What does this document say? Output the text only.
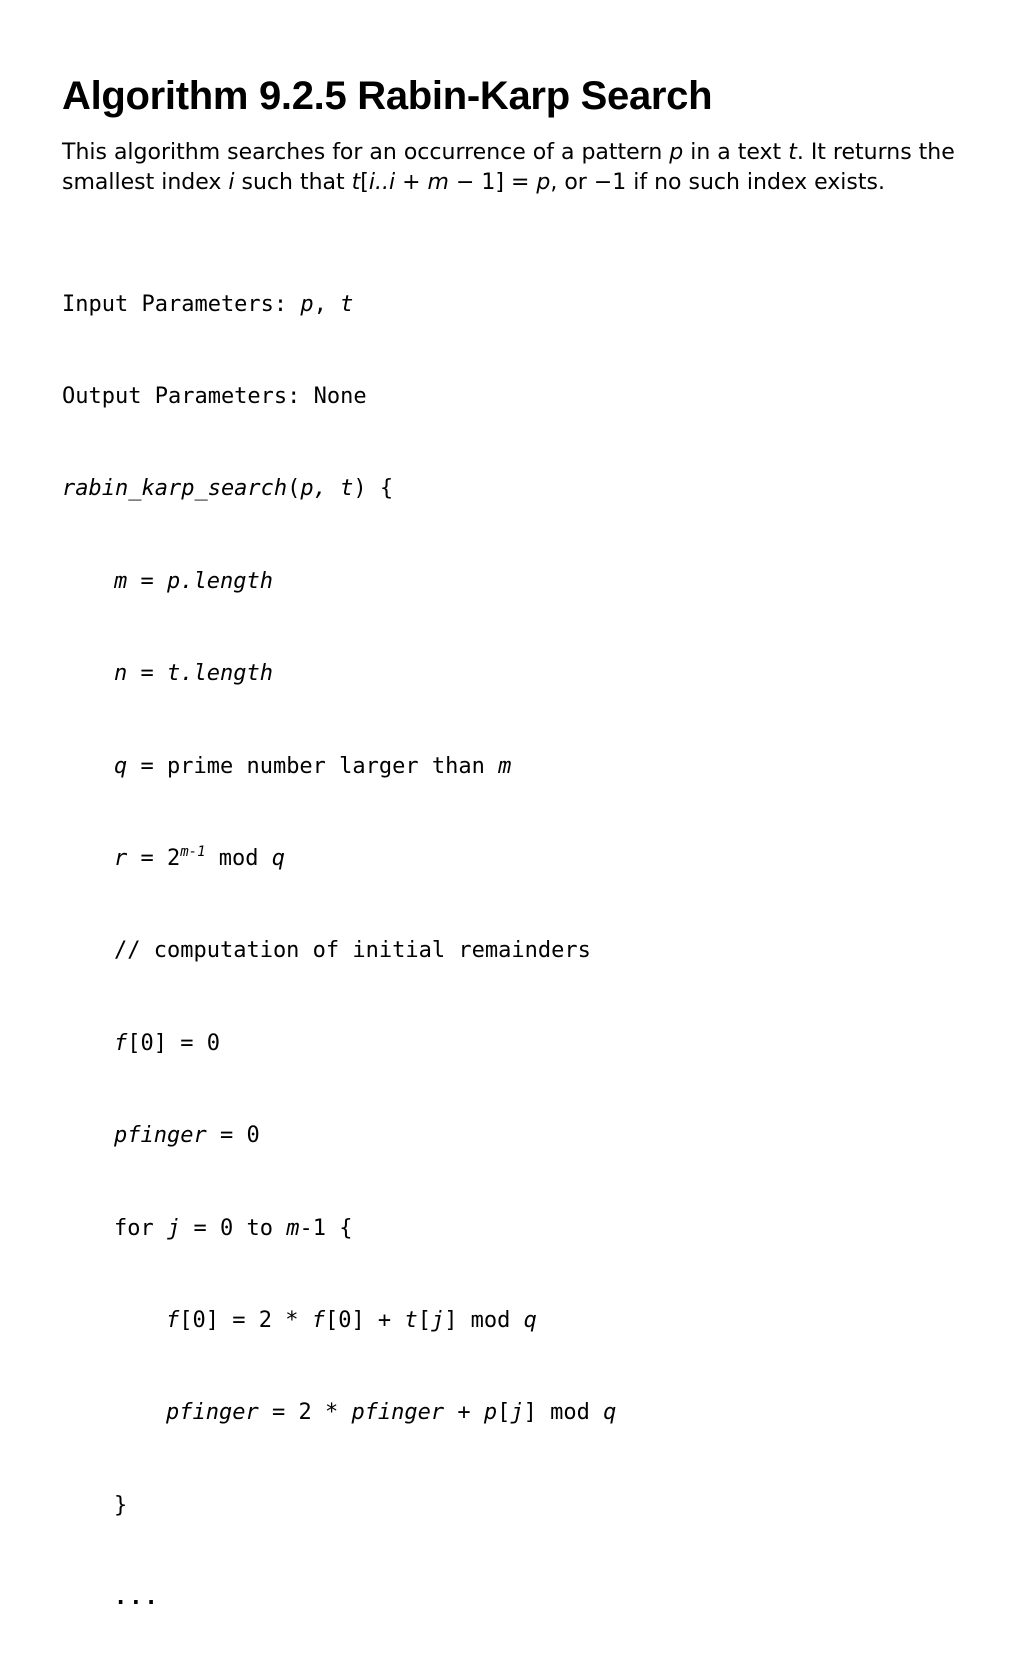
Algorithm 9.2.5 Rabin-Karp Search
This algorithm searches for an occurrence of a pattern p in a text t. It returns the smallest index i such that t[i..i + m − 1] = p, or −1 if no such index exists.

Input Parameters: p, t

Output Parameters: None

rabin_karp_search(p, t) {

m = p.length

n = t.length

q = prime number larger than m

$r = 2^{m-1}$ mod q

// computation of initial remainders

f[0] = 0

pfinger = 0

for j = 0 to m-1 {

f[0] = 2 * f[0] + t[j] mod q

pfinger = 2 * pfinger + p[j] mod q

}

...
